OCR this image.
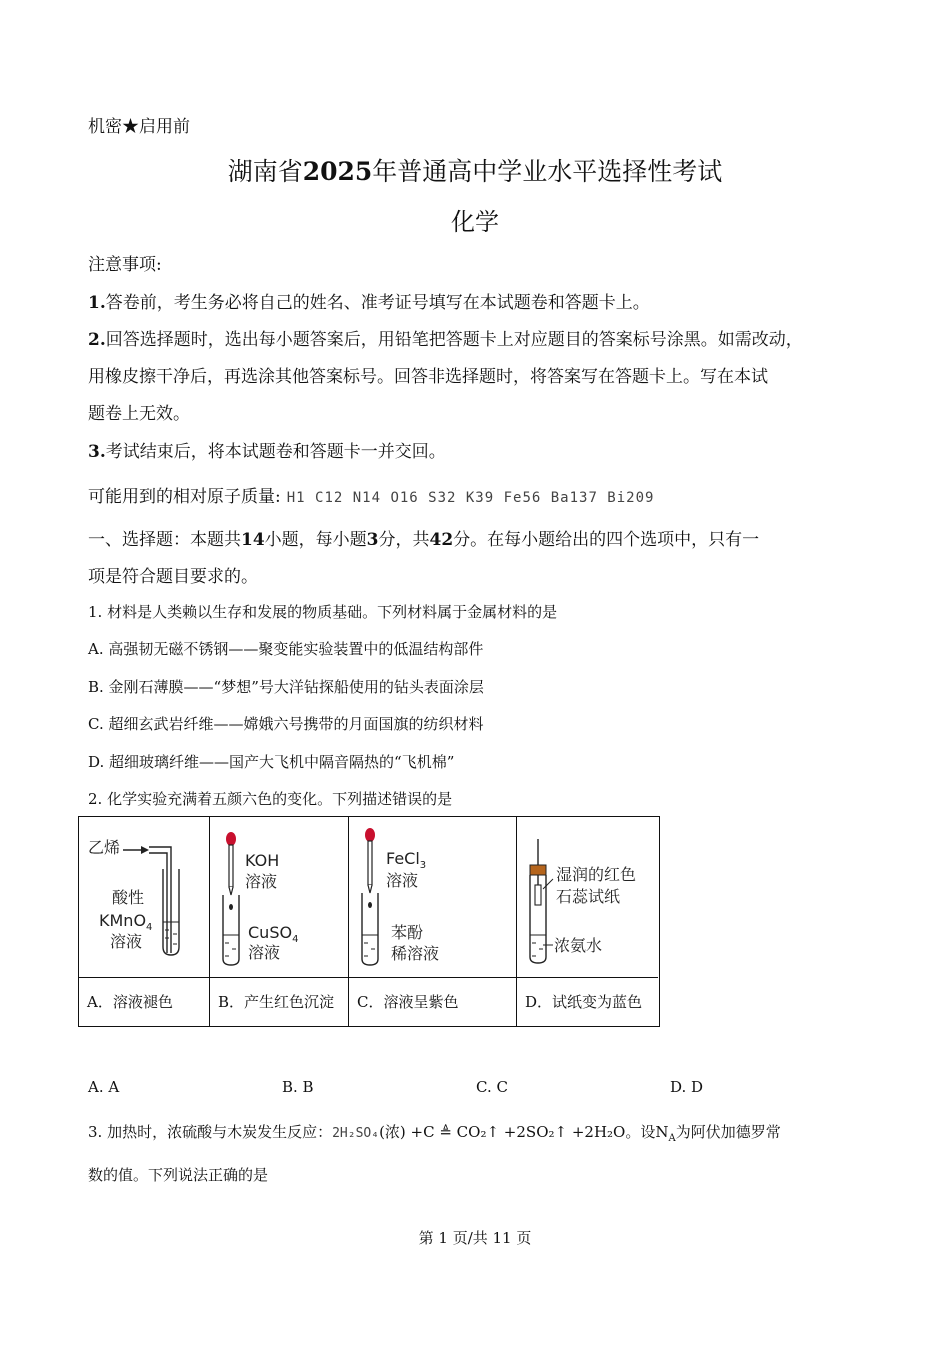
机密★启用前
湖南省2025年普通高中学业水平选择性考试
化学
注意事项:
1.答卷前，考生务必将自己的姓名、准考证号填写在本试题卷和答题卡上。
2.回答选择题时，选出每小题答案后，用铅笔把答题卡上对应题目的答案标号涂黑。如需改动，
用橡皮擦干净后，再选涂其他答案标号。回答非选择题时，将答案写在答题卡上。写在本试
题卷上无效。
3.考试结束后，将本试题卷和答题卡一并交回。
可能用到的相对原子质量: H1 C12 N14 O16 S32 K39 Fe56 Ba137 Bi209
一、选择题：本题共14小题，每小题3分，共42分。在每小题给出的四个选项中，只有一
项是符合题目要求的。
1. 材料是人类赖以生存和发展的物质基础。下列材料属于金属材料的是
A. 高强韧无磁不锈钢——聚变能实验装置中的低温结构部件
B. 金刚石薄膜——“梦想”号大洋钻探船使用的钻头表面涂层
C. 超细玄武岩纤维——嫦娥六号携带的月面国旗的纺织材料
D. 超细玻璃纤维——国产大飞机中隔音隔热的“飞机棉”
2. 化学实验充满着五颜六色的变化。下列描述错误的是
乙烯
酸性
KMnO$_4$
溶液
KOH
溶液
CuSO$_4$
溶液
FeCl$_3$
溶液
苯酚
稀溶液
湿润的红色
石蕊试纸
浓氨水
A．溶液褪色	B．产生红色沉淀	C．溶液呈紫色	D．试纸变为蓝色
A. A	B. B	C. C	D. D
3. 加热时，浓硫酸与木炭发生反应：2H₂SO₄(浓) +C ≜ CO₂↑ +2SO₂↑ +2H₂O。设$N_A$为阿伏加德罗常
数的值。下列说法正确的是
第 1 页/共 11 页
